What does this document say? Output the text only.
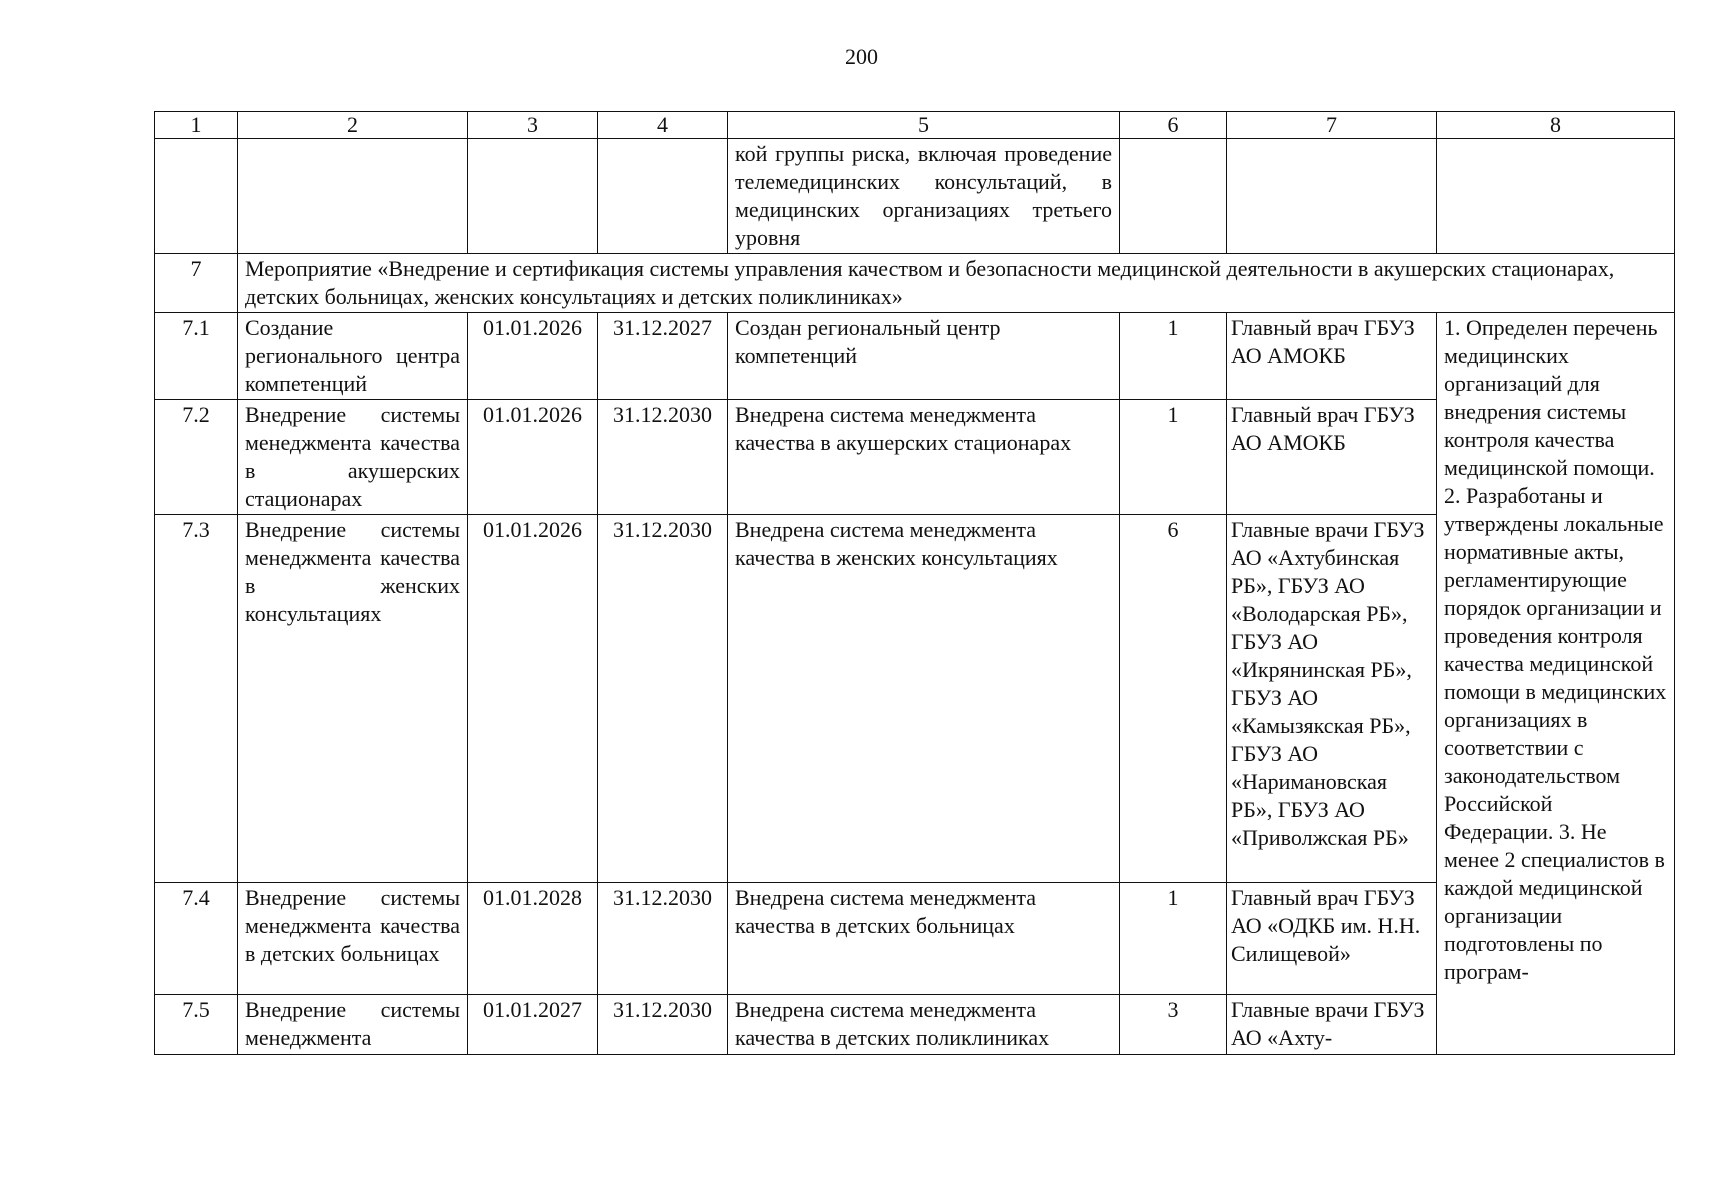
200
1	2	3	4	5	6	7	8
				кой группы риска, включая проведение телемедицинских консультаций, в медицинских организациях третьего уровня			
7	Мероприятие «Внедрение и сертификация системы управления качеством и безопасности медицинской деятельности в акушерских стационарах, детских больницах, женских консультациях и детских поликлиниках»						
7.1	Создание регионального центра компетенций	01.01.2026	31.12.2027	Создан региональный центр компетенций	1	Главный врач ГБУЗ АО АМОКБ	1. Определен перечень медицинских организаций для внедрения системы контроля качества медицинской помощи. 2. Разработаны и утверждены локальные нормативные акты, регламентирующие порядок организации и проведения контроля качества медицинской помощи в медицинских организациях в соответствии с законодательством Российской Федерации. 3. Не менее 2 специалистов в каждой медицинской организации подготовлены по програм-
7.2	Внедрение системы менеджмента качества в акушерских стационарах	01.01.2026	31.12.2030	Внедрена система менеджмента качества в акушерских стационарах	1	Главный врач ГБУЗ АО АМОКБ	
7.3	Внедрение системы менеджмента качества в женских консультациях	01.01.2026	31.12.2030	Внедрена система менеджмента качества в женских консультациях	6	Главные врачи ГБУЗ АО «Ахтубинская РБ», ГБУЗ АО «Володарская РБ», ГБУЗ АО «Икрянинская РБ», ГБУЗ АО «Камызякская РБ», ГБУЗ АО «Наримановская РБ», ГБУЗ АО «Приволжская РБ»	
7.4	Внедрение системы менеджмента качества в детских больницах	01.01.2028	31.12.2030	Внедрена система менеджмента качества в детских больницах	1	Главный врач ГБУЗ АО «ОДКБ им. Н.Н. Силищевой»	
7.5	Внедрение системы менеджмента	01.01.2027	31.12.2030	Внедрена система менеджмента качества в детских поликлиниках	3	Главные врачи ГБУЗ АО «Ахту-	
